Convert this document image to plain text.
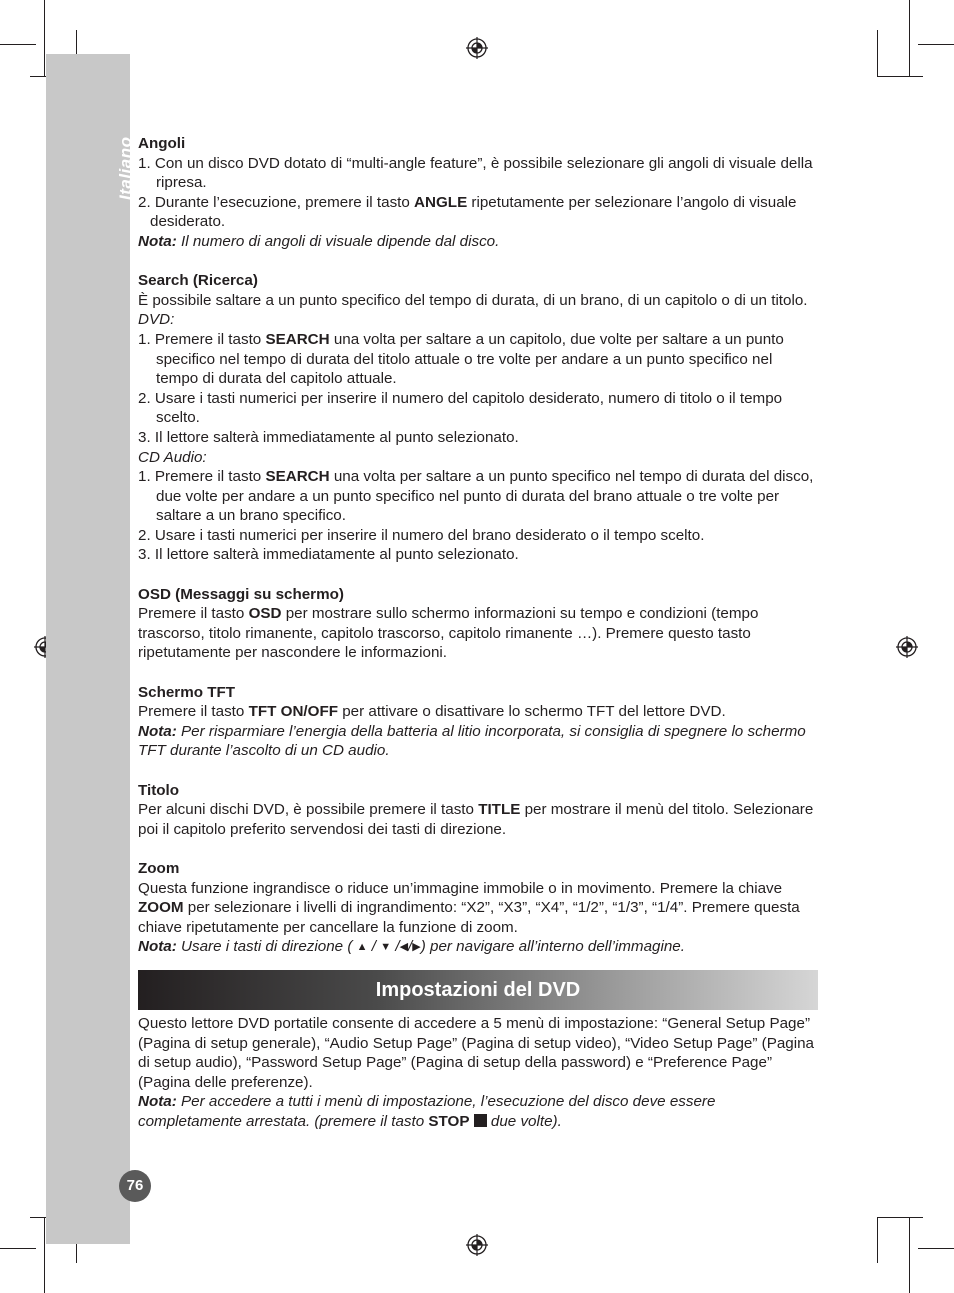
Italiano
76

Angoli

1. Con un disco DVD dotato di “multi-angle feature”, è possibile selezionare gli angoli di visuale della ripresa.

2. Durante l’esecuzione, premere il tasto ANGLE ripetutamente per selezionare l’angolo di visuale desiderato.

Nota: Il numero di angoli di visuale dipende dal disco.

Search (Ricerca)

È possibile saltare a un punto specifico del tempo di durata, di un brano, di un capitolo o di un titolo.

DVD:

1. Premere il tasto SEARCH una volta per saltare a un capitolo, due volte per saltare a un punto specifico nel tempo di durata del titolo attuale o tre volte per andare a un punto specifico nel tempo di durata del capitolo attuale.

2. Usare i tasti numerici per inserire il numero del capitolo desiderato, numero di titolo o il tempo scelto.

3. Il lettore salterà immediatamente al punto selezionato.

CD Audio:

1. Premere il tasto SEARCH una volta per saltare a un punto specifico nel tempo di durata del disco, due volte per andare a un punto specifico nel punto di durata del brano attuale o tre volte per saltare a un brano specifico.

2. Usare i tasti numerici per inserire il numero del brano desiderato o il tempo scelto.

3. Il lettore salterà immediatamente al punto selezionato.

OSD (Messaggi su schermo)

Premere il tasto OSD per mostrare sullo schermo informazioni su tempo e condizioni (tempo trascorso, titolo rimanente, capitolo trascorso, capitolo rimanente …). Premere questo tasto ripetutamente per nascondere le informazioni.

Schermo TFT

Premere il tasto TFT ON/OFF per attivare o disattivare lo schermo TFT del lettore DVD.

Nota: Per risparmiare l’energia della batteria al litio incorporata, si consiglia di spegnere lo schermo TFT durante l’ascolto di un CD audio.

Titolo

Per alcuni dischi DVD, è possibile premere il tasto TITLE per mostrare il menù del titolo. Selezionare poi il capitolo preferito servendosi dei tasti di direzione.

Zoom

Questa funzione ingrandisce o riduce un’immagine immobile o in movimento. Premere la chiave ZOOM per selezionare i livelli di ingrandimento: “X2”, “X3”, “X4”, “1/2”, “1/3”, “1/4”. Premere questa chiave ripetutamente per cancellare la funzione di zoom.

Nota: Usare i tasti di direzione ( ▲ / ▼ /◀/▶) per navigare all’interno dell’immagine.

Impostazioni del DVD

Questo lettore DVD portatile consente di accedere a 5 menù di impostazione: “General Setup Page” (Pagina di setup generale), “Audio Setup Page” (Pagina di setup video), “Video Setup Page” (Pagina di setup audio), “Password Setup Page” (Pagina di setup della password) e “Preference Page” (Pagina delle preferenze).

Nota: Per accedere a tutti i menù di impostazione, l’esecuzione del disco deve essere completamente arrestata. (premere il tasto STOP  due volte).
